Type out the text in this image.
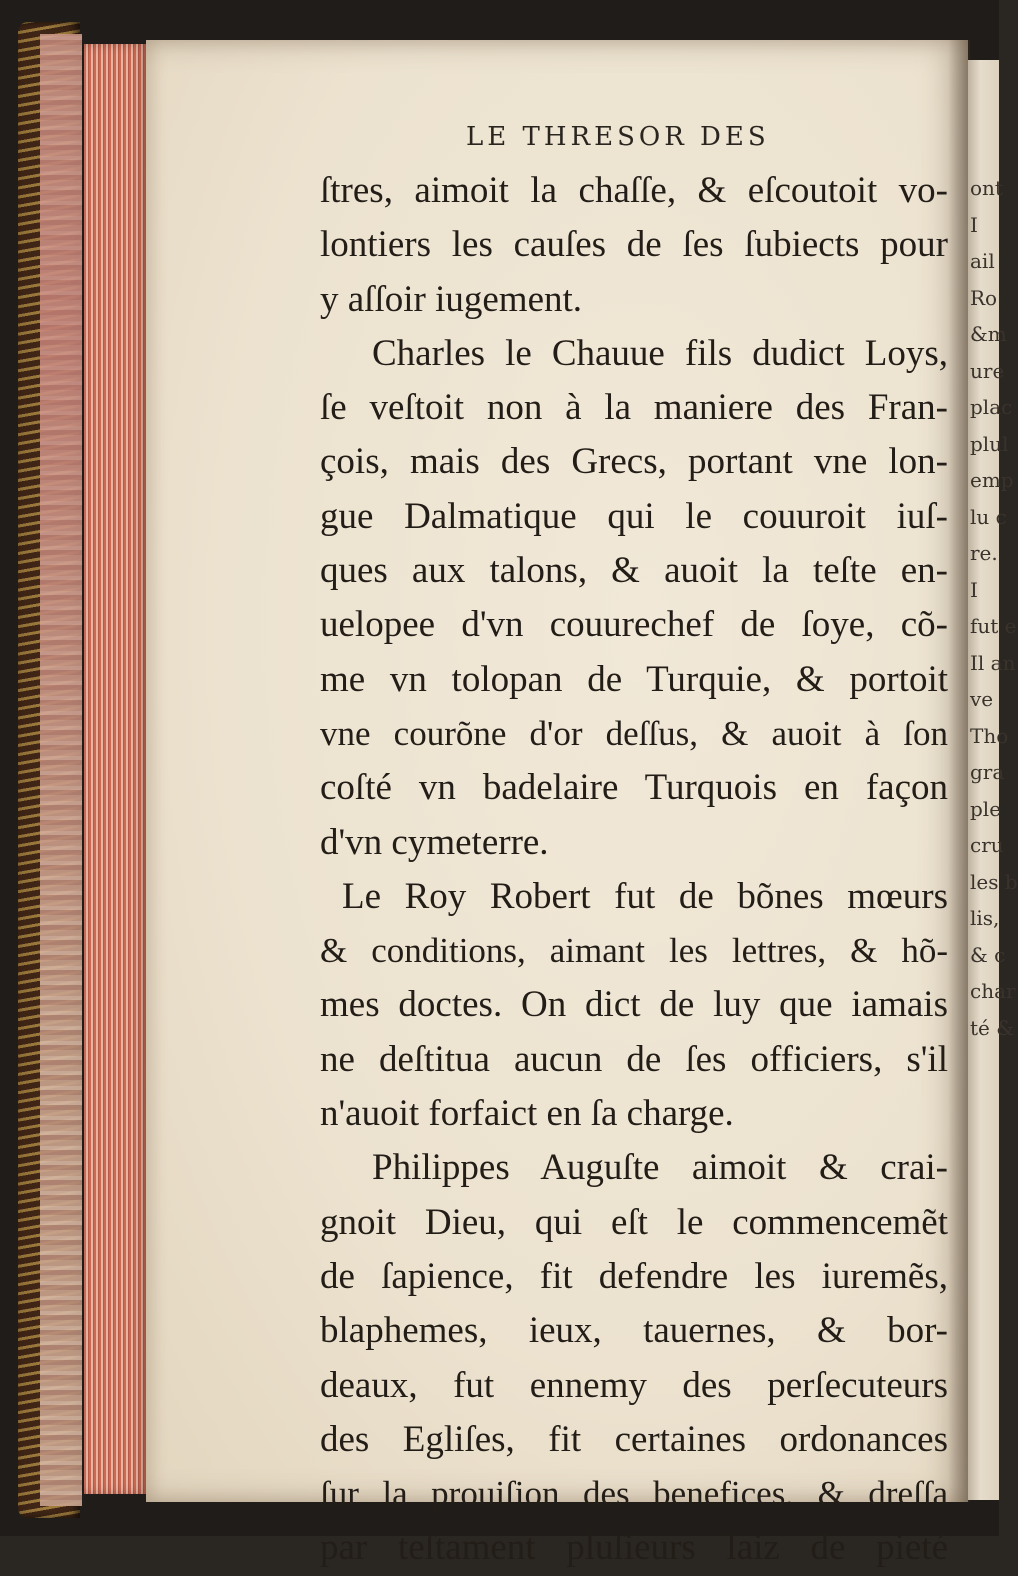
ont
I
ail
Ro
&m
ure
plac
plul
emp
lu c
re.
I
fut e
Il an
ve
Tho
gra
ple
cru
les b
lis,
& c
char
té &
LE THRESOR DES
ſtres, aimoit la chaſſe, & eſcoutoit vo-
lontiers les cauſes de ſes ſubiects pour
y aſſoir iugement.
Charles le Chauue fils dudict Loys,
ſe veſtoit non à la maniere des Fran-
çois, mais des Grecs, portant vne lon-
gue Dalmatique qui le couuroit iuſ-
ques aux talons, & auoit la teſte en-
uelopee d'vn couurechef de ſoye, cõ-
me vn tolopan de Turquie, & portoit
vne courõne d'or deſſus, & auoit à ſon
coſté vn badelaire Turquois en façon
d'vn cymeterre.
Le Roy Robert fut de bõnes mœurs
& conditions, aimant les lettres, & hõ-
mes doctes. On dict de luy que iamais
ne deſtitua aucun de ſes officiers, s'il
n'auoit forfaict en ſa charge.
Philippes Auguſte aimoit & crai-
gnoit Dieu, qui eſt le commencemẽt
de ſapience, fit defendre les iuremẽs,
blaphemes, ieux, tauernes, & bor-
deaux, fut ennemy des perſecuteurs
des Egliſes, fit certaines ordonances
ſur la prouiſion des benefices, & dreſſa
par teſtament pluſieurs laiz de pieté
